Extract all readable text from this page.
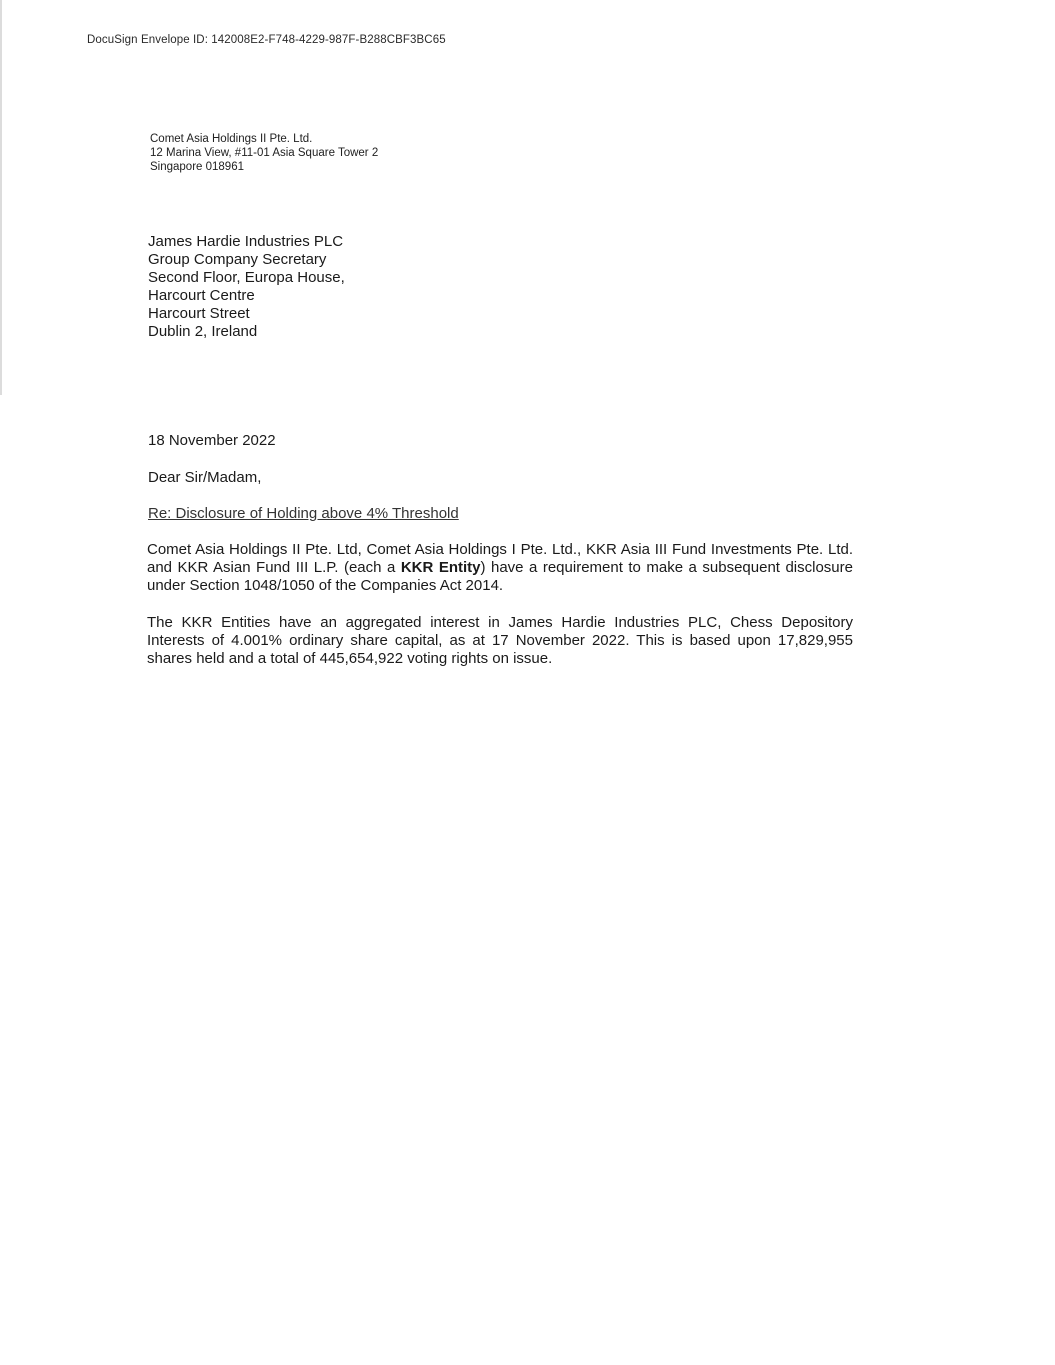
DocuSign Envelope ID: 142008E2-F748-4229-987F-B288CBF3BC65
Comet Asia Holdings II Pte. Ltd.
12 Marina View, #11-01 Asia Square Tower 2
Singapore 018961
James Hardie Industries PLC
Group Company Secretary
Second Floor, Europa House,
Harcourt Centre
Harcourt Street
Dublin 2, Ireland
18 November 2022
Dear Sir/Madam,
Re: Disclosure of Holding above 4% Threshold
Comet Asia Holdings II Pte. Ltd, Comet Asia Holdings I Pte. Ltd., KKR Asia III Fund Investments Pte. Ltd. and KKR Asian Fund III L.P. (each a KKR Entity) have a requirement to make a subsequent disclosure under Section 1048/1050 of the Companies Act 2014.
The KKR Entities have an aggregated interest in James Hardie Industries PLC, Chess Depository Interests of 4.001% ordinary share capital, as at 17 November 2022. This is based upon 17,829,955 shares held and a total of 445,654,922 voting rights on issue.
